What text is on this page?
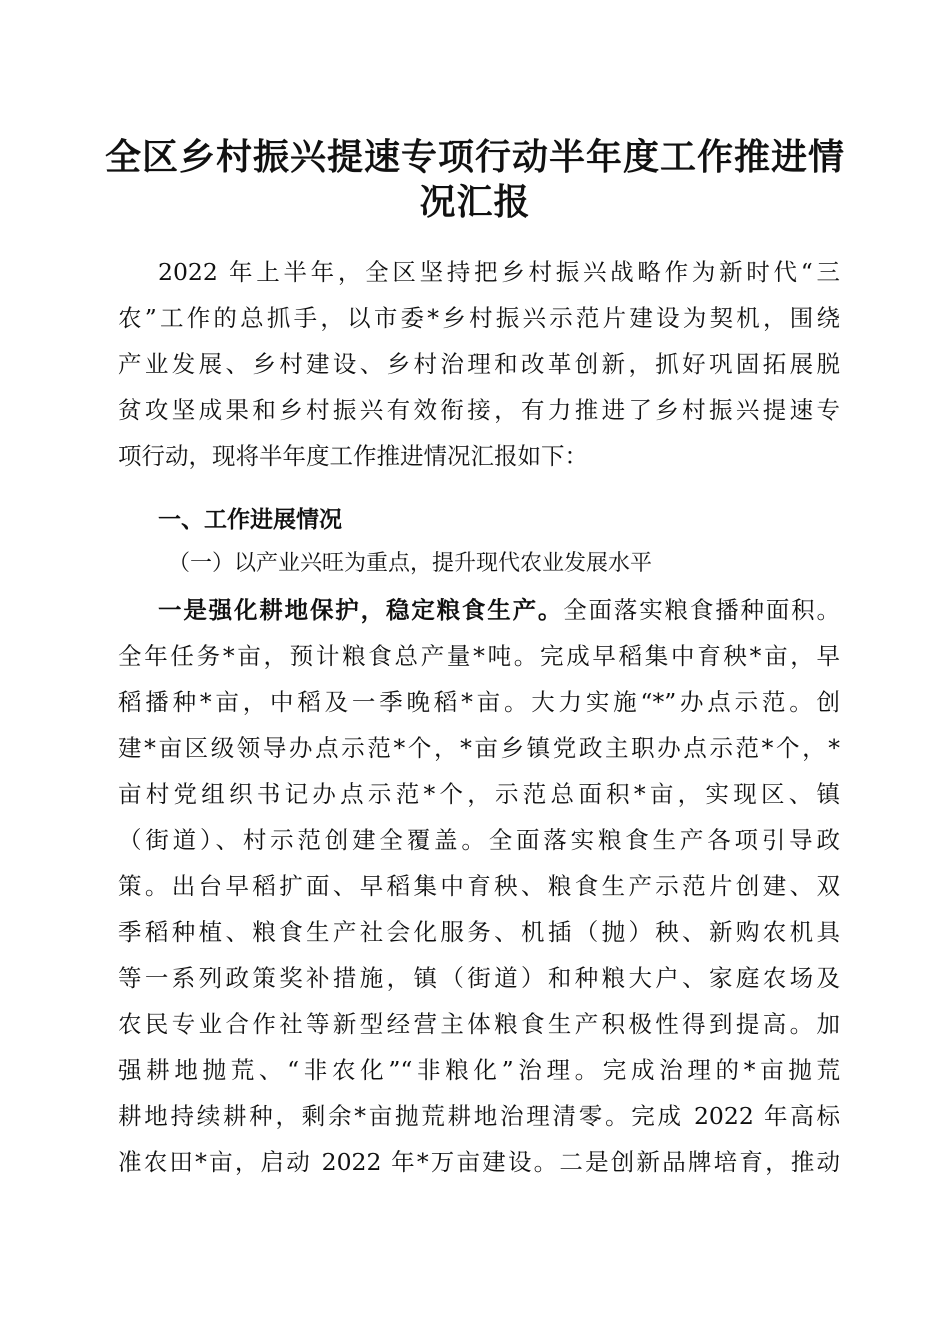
全区乡村振兴提速专项行动半年度工作推进情
况汇报
2022 年上半年，全区坚持把乡村振兴战略作为新时代“三
农”工作的总抓手，以市委*乡村振兴示范片建设为契机，围绕
产业发展、乡村建设、乡村治理和改革创新，抓好巩固拓展脱
贫攻坚成果和乡村振兴有效衔接，有力推进了乡村振兴提速专
项行动，现将半年度工作推进情况汇报如下：
一、工作进展情况
（一）以产业兴旺为重点，提升现代农业发展水平
一是强化耕地保护，稳定粮食生产。全面落实粮食播种面积。
全年任务*亩，预计粮食总产量*吨。完成早稻集中育秧*亩，早
稻播种*亩，中稻及一季晚稻*亩。大力实施“*”办点示范。创
建*亩区级领导办点示范*个，*亩乡镇党政主职办点示范*个，*
亩村党组织书记办点示范*个，示范总面积*亩，实现区、镇
（街道）、村示范创建全覆盖。全面落实粮食生产各项引导政
策。出台早稻扩面、早稻集中育秧、粮食生产示范片创建、双
季稻种植、粮食生产社会化服务、机插（抛）秧、新购农机具
等一系列政策奖补措施，镇（街道）和种粮大户、家庭农场及
农民专业合作社等新型经营主体粮食生产积极性得到提高。加
强耕地抛荒、“非农化”“非粮化”治理。完成治理的*亩抛荒
耕地持续耕种，剩余*亩抛荒耕地治理清零。完成 2022 年高标
准农田*亩，启动 2022 年*万亩建设。二是创新品牌培育，推动
